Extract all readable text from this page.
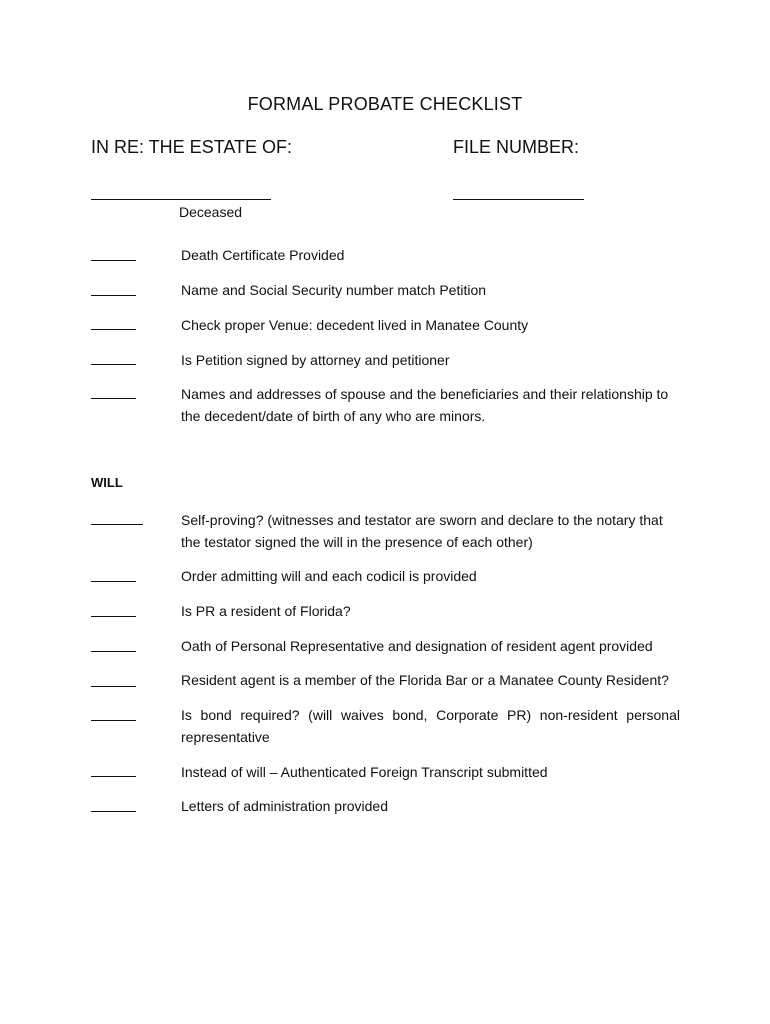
FORMAL PROBATE CHECKLIST
IN RE: THE ESTATE OF:	FILE NUMBER:
Deceased
Death Certificate Provided
Name and Social Security number match Petition
Check proper Venue: decedent lived in Manatee County
Is Petition signed by attorney and petitioner
Names and addresses of spouse and the beneficiaries and their relationship to the decedent/date of birth of any who are minors.
WILL
Self-proving? (witnesses and testator are sworn and declare to the notary that the testator signed the will in the presence of each other)
Order admitting will and each codicil is provided
Is PR a resident of Florida?
Oath of Personal Representative and designation of resident agent provided
Resident agent is a member of the Florida Bar or a Manatee County Resident?
Is bond required? (will waives bond, Corporate PR) non-resident personal representative
Instead of will – Authenticated Foreign Transcript submitted
Letters of administration provided
